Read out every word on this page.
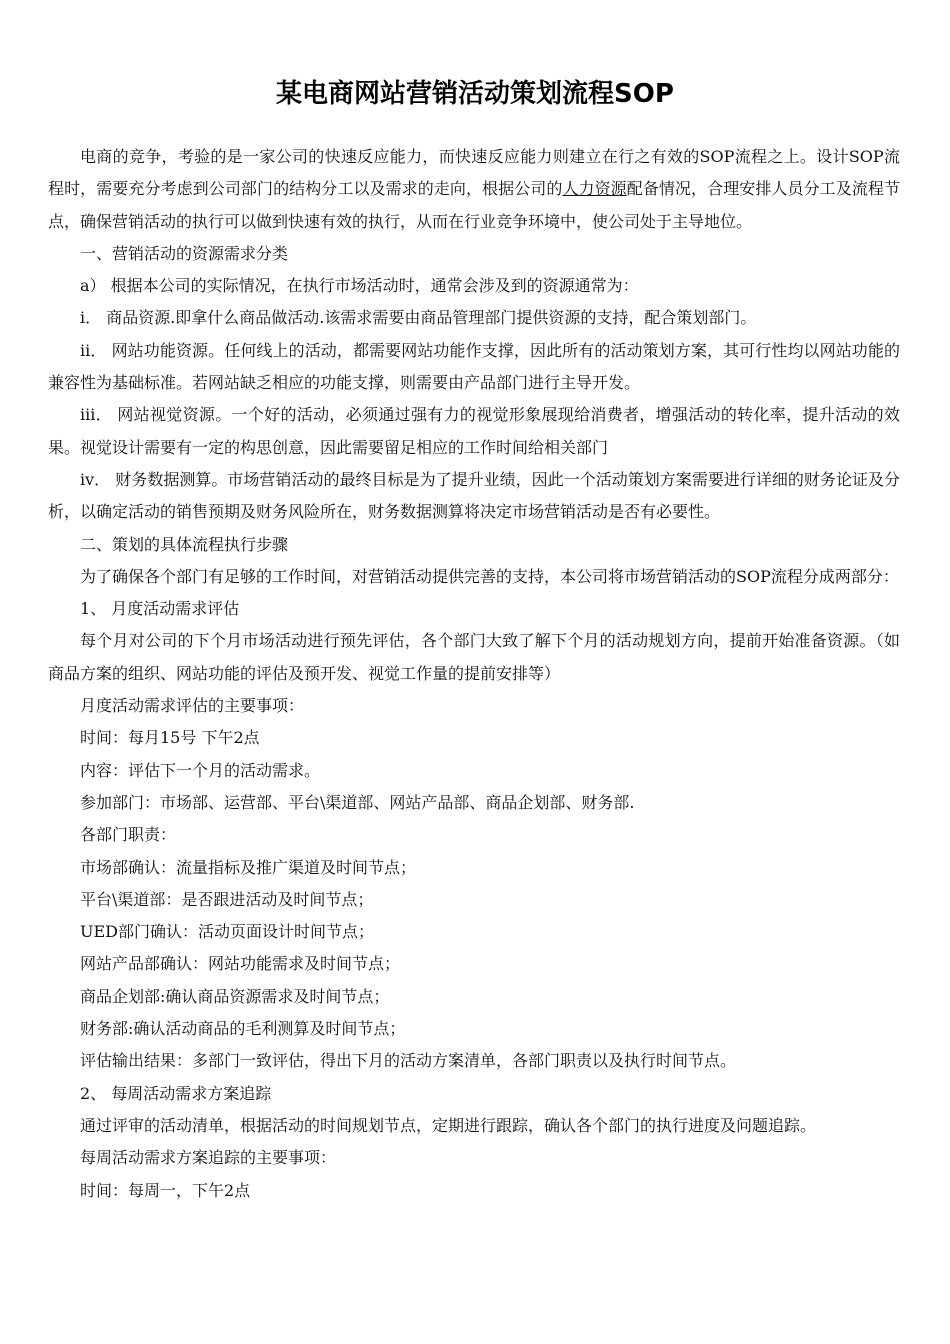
某电商网站营销活动策划流程SOP

电商的竞争，考验的是一家公司的快速反应能力，而快速反应能力则建立在行之有效的SOP流程之上。设计SOP流程时，需要充分考虑到公司部门的结构分工以及需求的走向，根据公司的人力资源配备情况，合理安排人员分工及流程节点，确保营销活动的执行可以做到快速有效的执行，从而在行业竞争环境中，使公司处于主导地位。

一、营销活动的资源需求分类

a） 根据本公司的实际情况，在执行市场活动时，通常会涉及到的资源通常为：

i． 商品资源.即拿什么商品做活动.该需求需要由商品管理部门提供资源的支持，配合策划部门。

ii． 网站功能资源。任何线上的活动，都需要网站功能作支撑，因此所有的活动策划方案，其可行性均以网站功能的兼容性为基础标准。若网站缺乏相应的功能支撑，则需要由产品部门进行主导开发。

iii． 网站视觉资源。一个好的活动，必须通过强有力的视觉形象展现给消费者，增强活动的转化率，提升活动的效果。视觉设计需要有一定的构思创意，因此需要留足相应的工作时间给相关部门

iv． 财务数据测算。市场营销活动的最终目标是为了提升业绩，因此一个活动策划方案需要进行详细的财务论证及分析，以确定活动的销售预期及财务风险所在，财务数据测算将决定市场营销活动是否有必要性。

二、策划的具体流程执行步骤

为了确保各个部门有足够的工作时间，对营销活动提供完善的支持，本公司将市场营销活动的SOP流程分成两部分：

1、 月度活动需求评估

每个月对公司的下个月市场活动进行预先评估，各个部门大致了解下个月的活动规划方向，提前开始准备资源。（如商品方案的组织、网站功能的评估及预开发、视觉工作量的提前安排等）

月度活动需求评估的主要事项：

时间：每月15号 下午2点

内容：评估下一个月的活动需求。

参加部门：市场部、运营部、平台\渠道部、网站产品部、商品企划部、财务部.

各部门职责：

市场部确认：流量指标及推广渠道及时间节点；

平台\渠道部：是否跟进活动及时间节点；

UED部门确认：活动页面设计时间节点；

网站产品部确认：网站功能需求及时间节点；

商品企划部:确认商品资源需求及时间节点；

财务部:确认活动商品的毛利测算及时间节点；

评估输出结果：多部门一致评估，得出下月的活动方案清单，各部门职责以及执行时间节点。

2、 每周活动需求方案追踪

通过评审的活动清单，根据活动的时间规划节点，定期进行跟踪，确认各个部门的执行进度及问题追踪。

每周活动需求方案追踪的主要事项：

时间：每周一，下午2点
